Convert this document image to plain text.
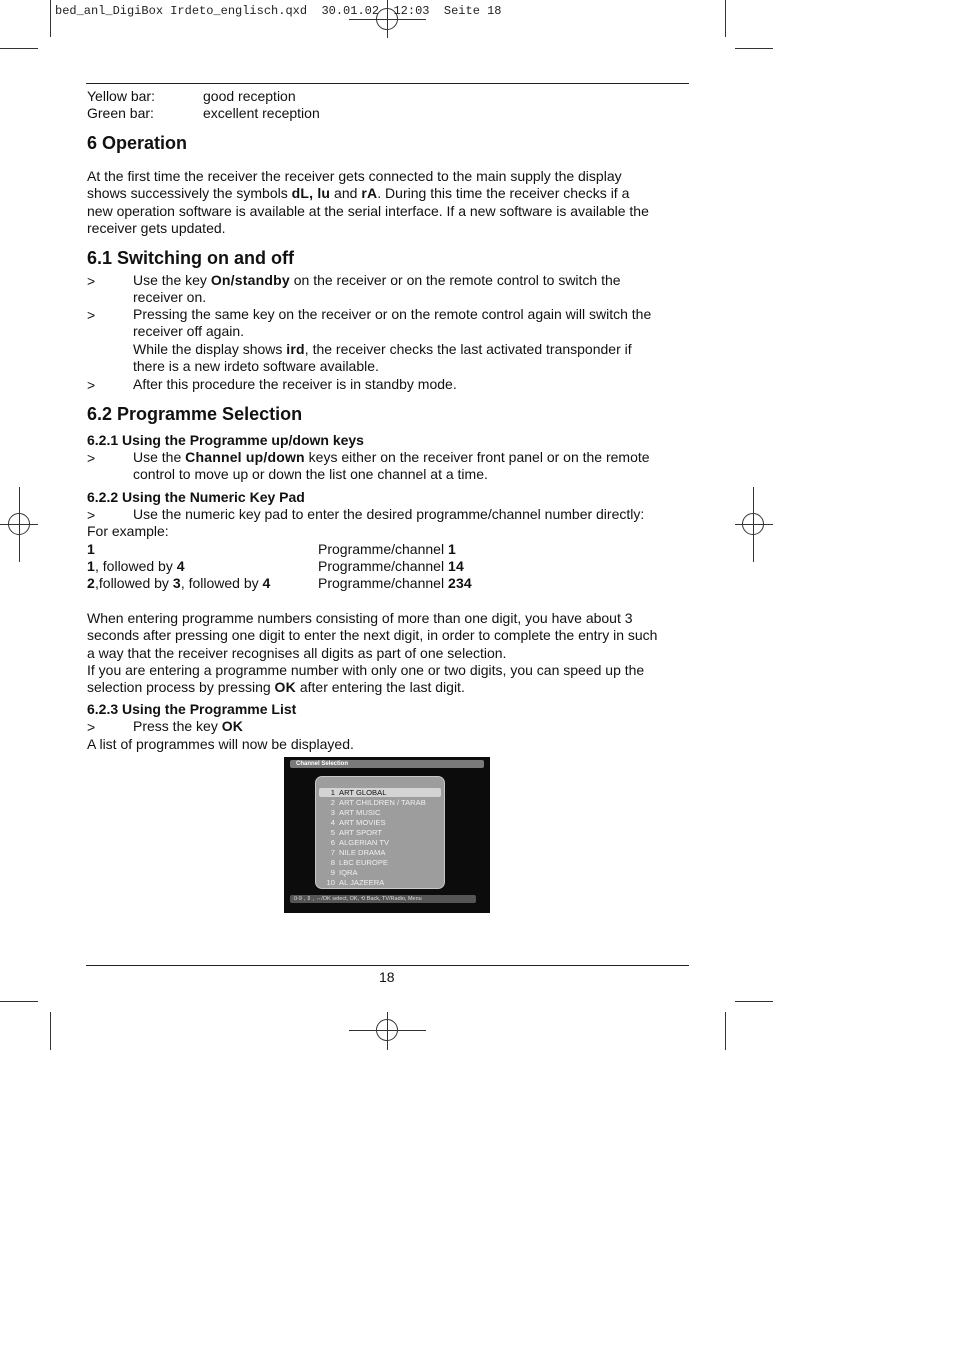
bed_anl_DigiBox Irdeto_englisch.qxd 30.01.02 12:03 Seite 18
Yellow bar:	good reception
Green bar:	excellent reception
6 Operation
At the first time the receiver the receiver gets connected to the main supply the display
shows successively the symbols dL, lu and rA. During this time the receiver checks if a
new operation software is available at the serial interface. If a new software is available the
receiver gets updated.
6.1 Switching on and off
>	Use the key On/standby on the receiver or on the remote control to switch the
receiver on.
>	Pressing the same key on the receiver or on the remote control again will switch the
receiver off again.
While the display shows ird, the receiver checks the last activated transponder if
there is a new irdeto software available.
>	After this procedure the receiver is in standby mode.
6.2 Programme Selection
6.2.1 Using the Programme up/down keys
>	Use the Channel up/down keys either on the receiver front panel or on the remote
control to move up or down the list one channel at a time.
6.2.2 Using the Numeric Key Pad
>	Use the numeric key pad to enter the desired programme/channel number directly:
For example:
1	Programme/channel 1
1, followed by 4	Programme/channel 14
2,followed by 3, followed by 4	Programme/channel 234
When entering programme numbers consisting of more than one digit, you have about 3
seconds after pressing one digit to enter the next digit, in order to complete the entry in such
a way that the receiver recognises all digits as part of one selection.
If you are entering a programme number with only one or two digits, you can speed up the
selection process by pressing OK after entering the last digit.
6.2.3 Using the Programme List
>	Press the key OK
A list of programmes will now be displayed.
Channel Selection
1 ART GLOBAL
2 ART CHILDREN / TARAB
3 ART MUSIC
4 ART MOVIES
5 ART SPORT
6 ALGERIAN TV
7 NILE DRAMA
8 LBC EUROPE
9 IQRA
10 AL JAZEERA
0-9 , ⇕ , ⇔/OK select, OK, ⟲ Back, TV/Radio, Menu
18
